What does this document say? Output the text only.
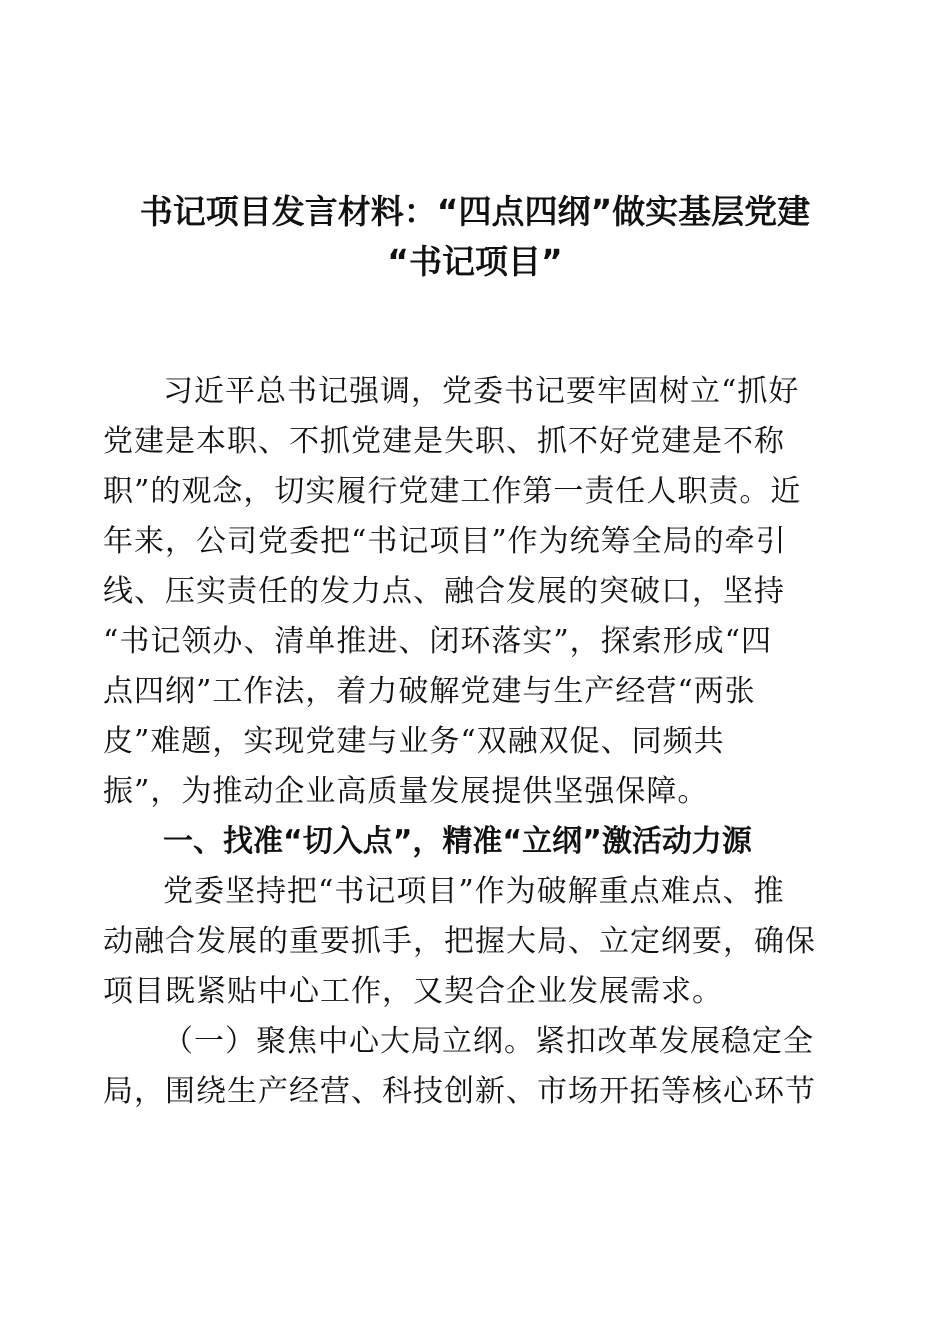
书记项目发言材料：“四点四纲”做实基层党建
“书记项目”

习近平总书记强调，党委书记要牢固树立“抓好

党建是本职、不抓党建是失职、抓不好党建是不称

职”的观念，切实履行党建工作第一责任人职责。近

年来，公司党委把“书记项目”作为统筹全局的牵引

线、压实责任的发力点、融合发展的突破口，坚持

“书记领办、清单推进、闭环落实”，探索形成“四

点四纲”工作法，着力破解党建与生产经营“两张

皮”难题，实现党建与业务“双融双促、同频共

振”，为推动企业高质量发展提供坚强保障。

一、找准“切入点”，精准“立纲”激活动力源

党委坚持把“书记项目”作为破解重点难点、推

动融合发展的重要抓手，把握大局、立定纲要，确保

项目既紧贴中心工作，又契合企业发展需求。

（一）聚焦中心大局立纲。紧扣改革发展稳定全

局，围绕生产经营、科技创新、市场开拓等核心环节
